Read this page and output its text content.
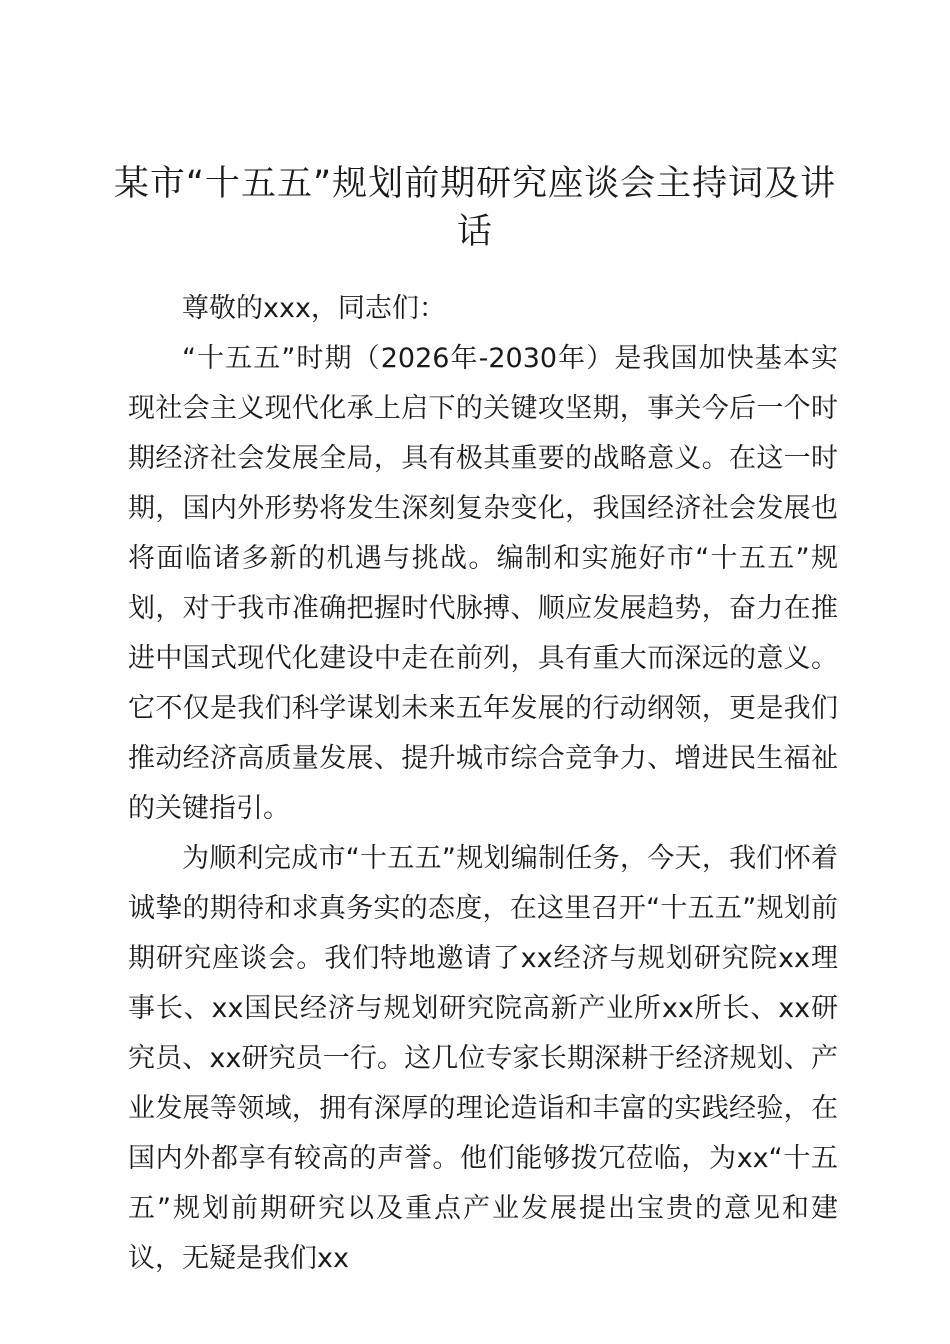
某市“十五五”规划前期研究座谈会主持词及讲话

尊敬的xxx，同志们：

“十五五”时期（2026年-2030年）是我国加快基本实现社会主义现代化承上启下的关键攻坚期，事关今后一个时期经济社会发展全局，具有极其重要的战略意义。在这一时期，国内外形势将发生深刻复杂变化，我国经济社会发展也将面临诸多新的机遇与挑战。编制和实施好市“十五五”规划，对于我市准确把握时代脉搏、顺应发展趋势，奋力在推进中国式现代化建设中走在前列，具有重大而深远的意义。它不仅是我们科学谋划未来五年发展的行动纲领，更是我们推动经济高质量发展、提升城市综合竞争力、增进民生福祉的关键指引。

为顺利完成市“十五五”规划编制任务，今天，我们怀着诚挚的期待和求真务实的态度，在这里召开“十五五”规划前期研究座谈会。我们特地邀请了xx经济与规划研究院xx理事长、xx国民经济与规划研究院高新产业所xx所长、xx研究员、xx研究员一行。这几位专家长期深耕于经济规划、产业发展等领域，拥有深厚的理论造诣和丰富的实践经验，在国内外都享有较高的声誉。他们能够拨冗莅临，为xx“十五五”规划前期研究以及重点产业发展提出宝贵的意见和建议，无疑是我们xx
